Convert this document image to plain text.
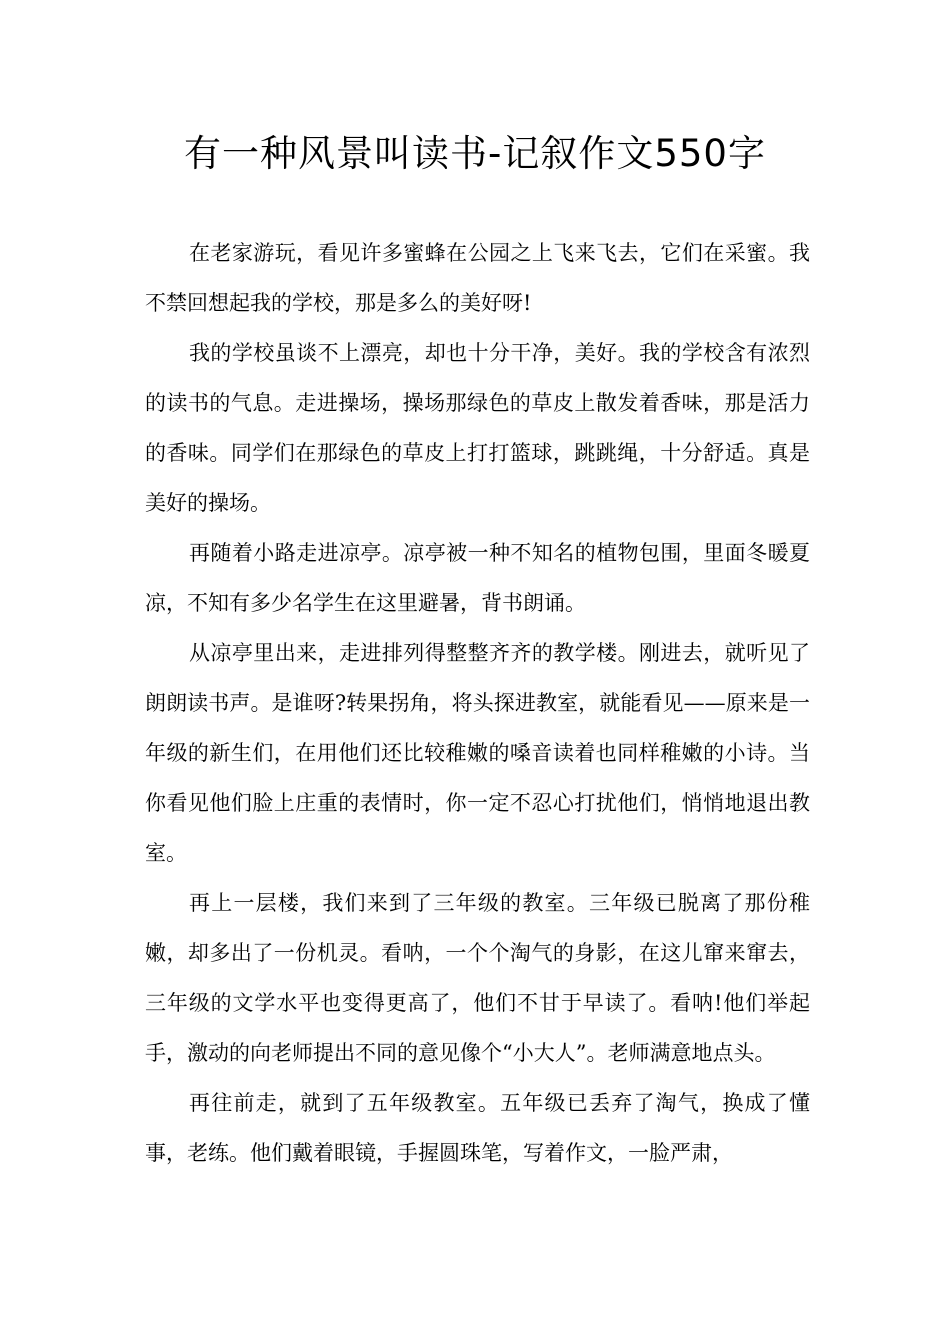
有一种风景叫读书-记叙作文550字

在老家游玩，看见许多蜜蜂在公园之上飞来飞去，它们在采蜜。我不禁回想起我的学校，那是多么的美好呀!

我的学校虽谈不上漂亮，却也十分干净，美好。我的学校含有浓烈的读书的气息。走进操场，操场那绿色的草皮上散发着香味，那是活力的香味。同学们在那绿色的草皮上打打篮球，跳跳绳，十分舒适。真是美好的操场。

再随着小路走进凉亭。凉亭被一种不知名的植物包围，里面冬暖夏凉，不知有多少名学生在这里避暑，背书朗诵。

从凉亭里出来，走进排列得整整齐齐的教学楼。刚进去，就听见了朗朗读书声。是谁呀?转果拐角，将头探进教室，就能看见——原来是一年级的新生们，在用他们还比较稚嫩的嗓音读着也同样稚嫩的小诗。当你看见他们脸上庄重的表情时，你一定不忍心打扰他们，悄悄地退出教室。

再上一层楼，我们来到了三年级的教室。三年级已脱离了那份稚嫩，却多出了一份机灵。看呐，一个个淘气的身影，在这儿窜来窜去，三年级的文学水平也变得更高了，他们不甘于早读了。看呐!他们举起手，激动的向老师提出不同的意见像个“小大人”。老师满意地点头。

再往前走，就到了五年级教室。五年级已丢弃了淘气，换成了懂事，老练。他们戴着眼镜，手握圆珠笔，写着作文，一脸严肃，
